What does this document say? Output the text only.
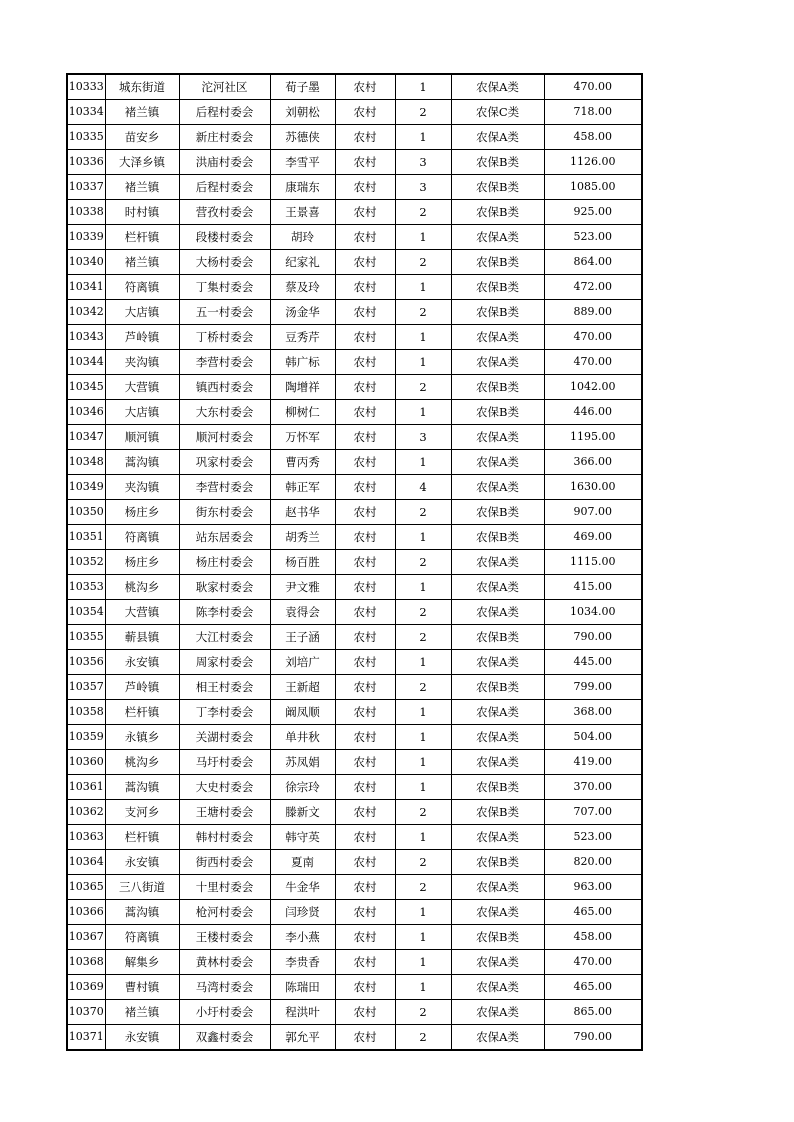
10333	城东街道	沱河社区	荀子墨	农村	1	农保A类	470.00
10334	褚兰镇	后程村委会	刘朝松	农村	2	农保C类	718.00
10335	苗安乡	新庄村委会	苏德侠	农村	1	农保A类	458.00
10336	大泽乡镇	洪庙村委会	李雪平	农村	3	农保B类	1126.00
10337	褚兰镇	后程村委会	康瑞东	农村	3	农保B类	1085.00
10338	时村镇	营孜村委会	王景喜	农村	2	农保B类	925.00
10339	栏杆镇	段楼村委会	胡玲	农村	1	农保A类	523.00
10340	褚兰镇	大杨村委会	纪家礼	农村	2	农保B类	864.00
10341	符离镇	丁集村委会	蔡及玲	农村	1	农保B类	472.00
10342	大店镇	五一村委会	汤金华	农村	2	农保B类	889.00
10343	芦岭镇	丁桥村委会	豆秀芹	农村	1	农保A类	470.00
10344	夹沟镇	李营村委会	韩广标	农村	1	农保A类	470.00
10345	大营镇	镇西村委会	陶增祥	农村	2	农保B类	1042.00
10346	大店镇	大东村委会	柳树仁	农村	1	农保B类	446.00
10347	顺河镇	顺河村委会	万怀军	农村	3	农保A类	1195.00
10348	蒿沟镇	巩家村委会	曹丙秀	农村	1	农保A类	366.00
10349	夹沟镇	李营村委会	韩正军	农村	4	农保A类	1630.00
10350	杨庄乡	街东村委会	赵书华	农村	2	农保B类	907.00
10351	符离镇	站东居委会	胡秀兰	农村	1	农保B类	469.00
10352	杨庄乡	杨庄村委会	杨百胜	农村	2	农保A类	1115.00
10353	桃沟乡	耿家村委会	尹文雅	农村	1	农保A类	415.00
10354	大营镇	陈李村委会	袁得会	农村	2	农保A类	1034.00
10355	蕲县镇	大江村委会	王子涵	农村	2	农保B类	790.00
10356	永安镇	周家村委会	刘培广	农村	1	农保A类	445.00
10357	芦岭镇	相王村委会	王新超	农村	2	农保B类	799.00
10358	栏杆镇	丁李村委会	阚凤顺	农村	1	农保A类	368.00
10359	永镇乡	关湖村委会	单井秋	农村	1	农保A类	504.00
10360	桃沟乡	马圩村委会	苏凤娟	农村	1	农保A类	419.00
10361	蒿沟镇	大史村委会	徐宗玲	农村	1	农保B类	370.00
10362	支河乡	王塘村委会	滕新文	农村	2	农保B类	707.00
10363	栏杆镇	韩村村委会	韩守英	农村	1	农保A类	523.00
10364	永安镇	街西村委会	夏南	农村	2	农保B类	820.00
10365	三八街道	十里村委会	牛金华	农村	2	农保A类	963.00
10366	蒿沟镇	枪河村委会	闫珍贤	农村	1	农保A类	465.00
10367	符离镇	王楼村委会	李小燕	农村	1	农保B类	458.00
10368	解集乡	黄林村委会	李贵香	农村	1	农保A类	470.00
10369	曹村镇	马湾村委会	陈瑞田	农村	1	农保A类	465.00
10370	褚兰镇	小圩村委会	程洪叶	农村	2	农保A类	865.00
10371	永安镇	双鑫村委会	郭允平	农村	2	农保A类	790.00
